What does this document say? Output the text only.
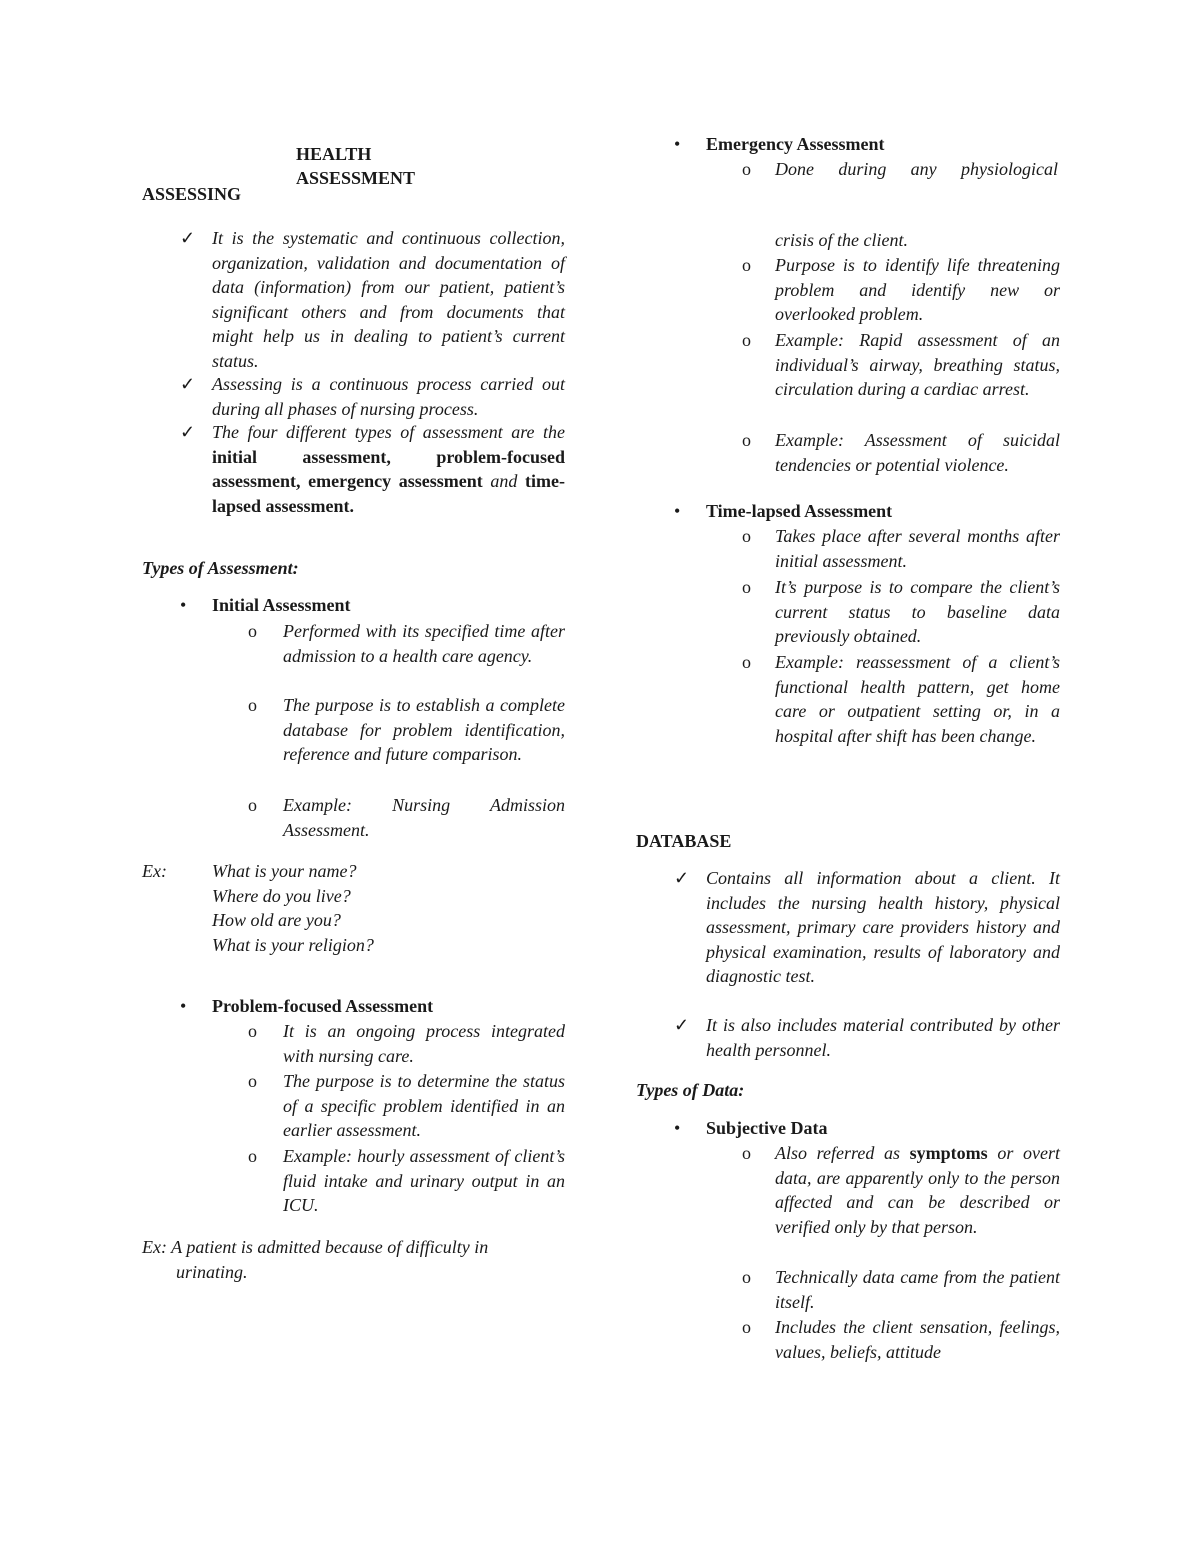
HEALTH

ASSESSMENT

ASSESSING

✓ It is the systematic and continuous collection, organization, validation and documentation of data (information) from our patient, patient’s significant others and from documents that might help us in dealing to patient’s current status.
✓ Assessing is a continuous process carried out during all phases of nursing process.
✓ The four different types of assessment are the initial assessment, problem-focused assessment, emergency assessment and time-lapsed assessment.

Types of Assessment:

• Initial Assessment
o Performed with its specified time after admission to a health care agency.
o The purpose is to establish a complete database for problem identification, reference and future comparison.
o Example: Nursing Admission Assessment.

Ex:	What is your name?
Where do you live?
How old are you?
What is your religion?
• Problem-focused Assessment
o It is an ongoing process integrated with nursing care.
o The purpose is to determine the status of a specific problem identified in an earlier assessment.
o Example: hourly assessment of client’s fluid intake and urinary output in an ICU.

Ex: A patient is admitted because of difficulty in urinating.

• Emergency Assessment
o Done during any physiological

crisis of the client.

o Purpose is to identify life threatening problem and identify new or overlooked problem.
o Example: Rapid assessment of an individual’s airway, breathing status, circulation during a cardiac arrest.
o Example: Assessment of suicidal tendencies or potential violence.
• Time-lapsed Assessment
o Takes place after several months after initial assessment.
o It’s purpose is to compare the client’s current status to baseline data previously obtained.
o Example: reassessment of a client’s functional health pattern, get home care or outpatient setting or, in a hospital after shift has been change.

DATABASE

✓ Contains all information about a client. It includes the nursing health history, physical assessment, primary care providers history and physical examination, results of laboratory and diagnostic test.
✓ It is also includes material contributed by other health personnel.

Types of Data:

• Subjective Data
o Also referred as symptoms or overt data, are apparently only to the person affected and can be described or verified only by that person.
o Technically data came from the patient itself.
o Includes the client sensation, feelings, values, beliefs, attitude
